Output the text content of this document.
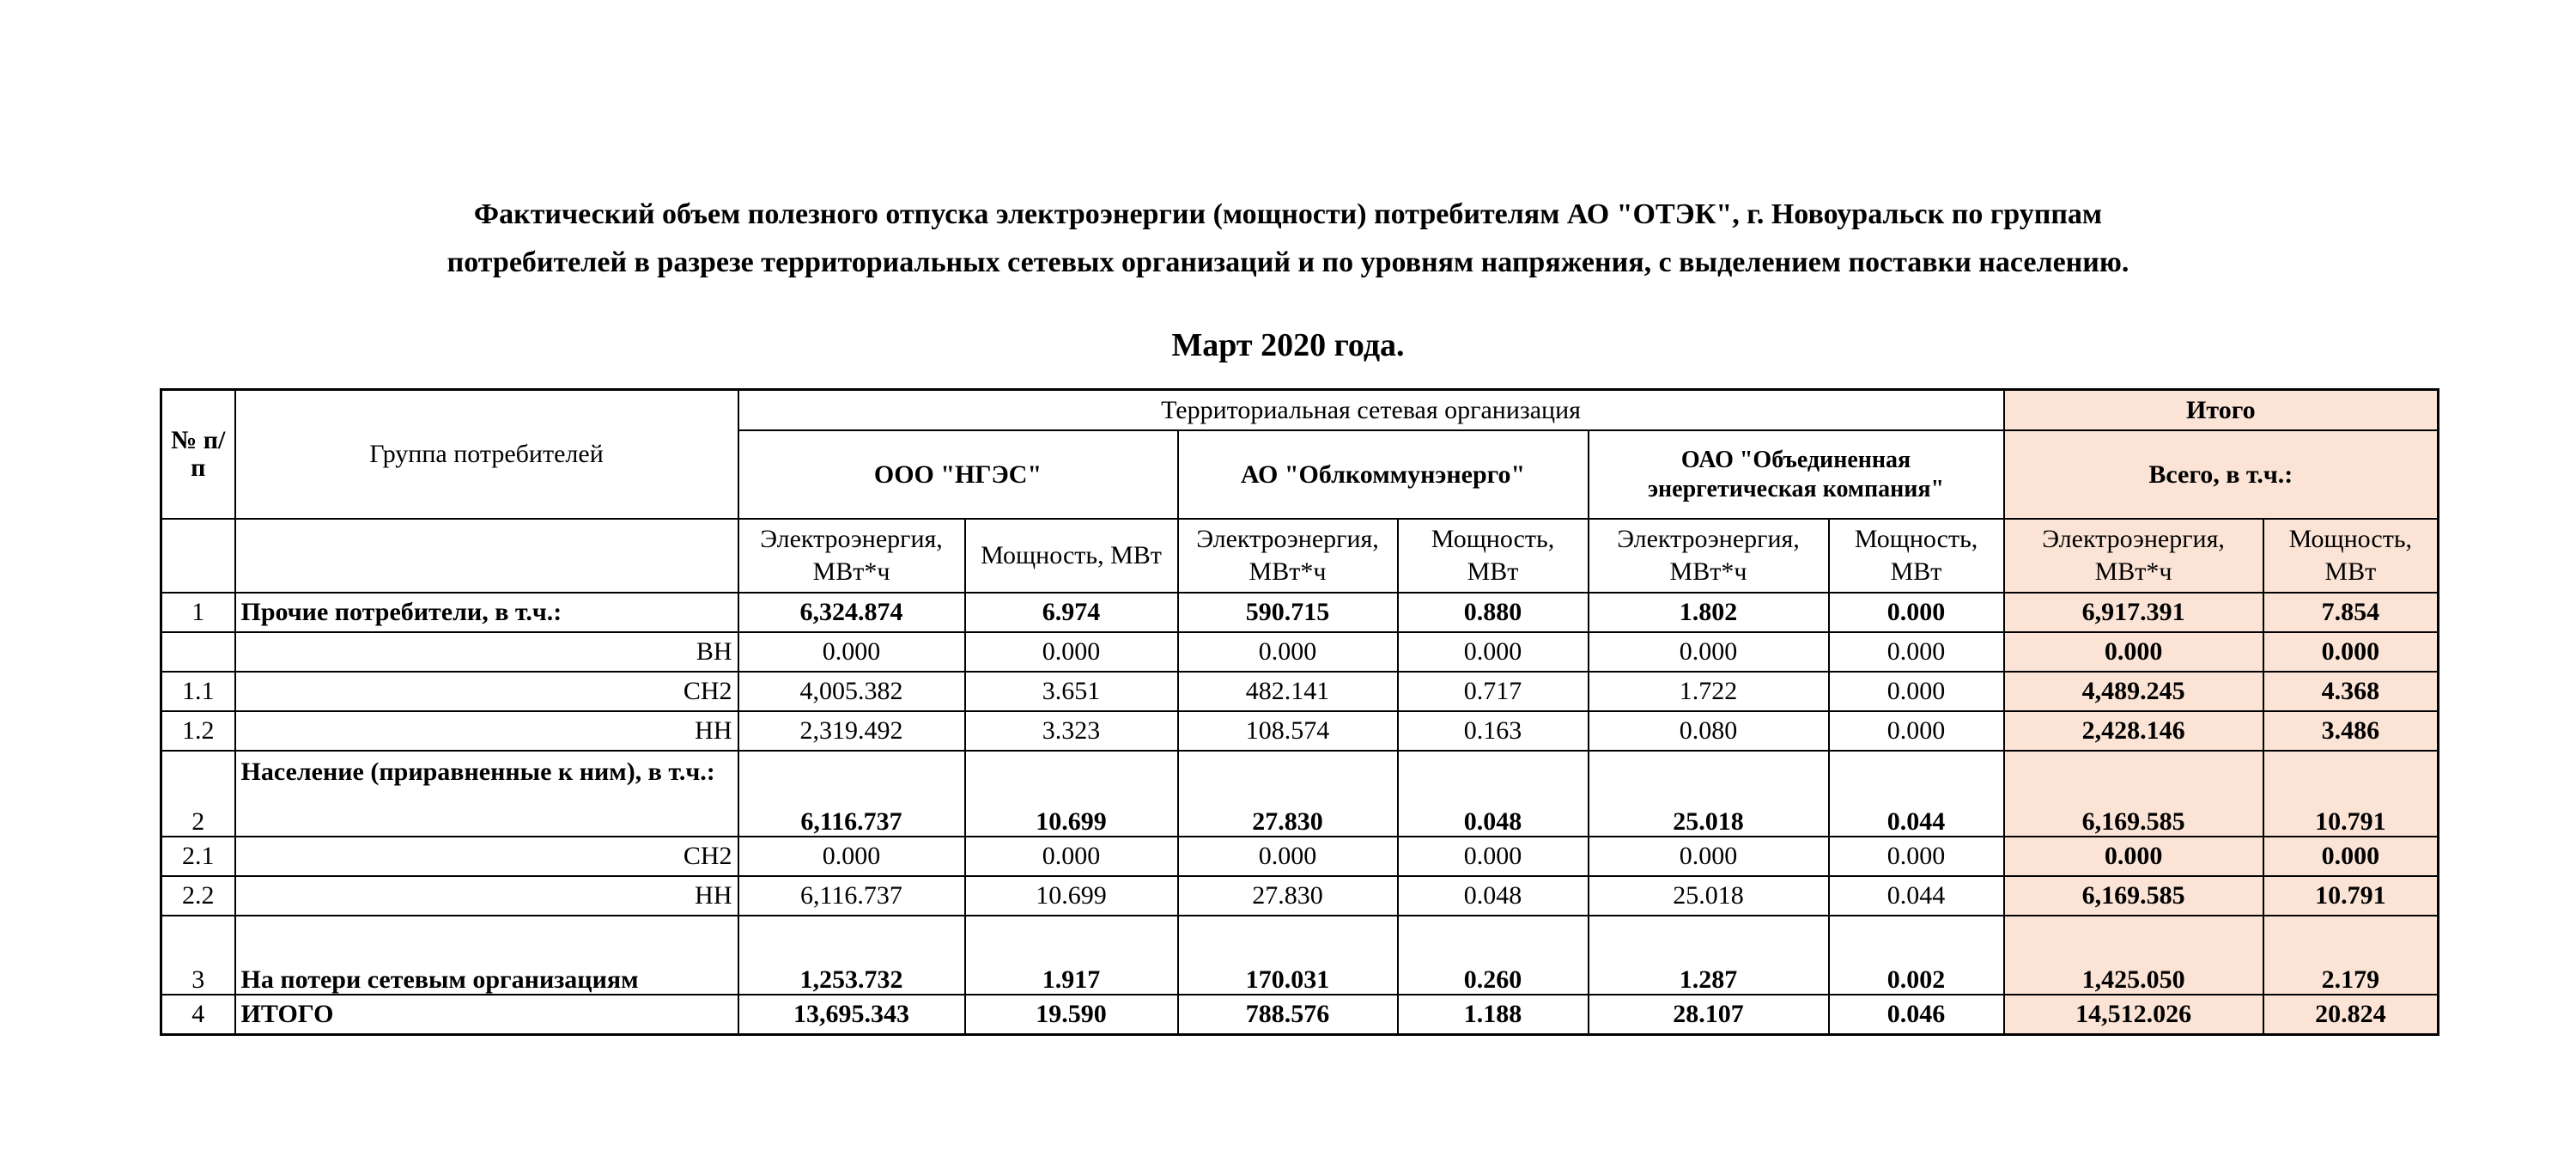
Фактический объем полезного отпуска электроэнергии (мощности) потребителям АО "ОТЭК", г. Новоуральск по группам
потребителей в разрезе территориальных сетевых организаций и по уровням напряжения, с выделением поставки населению.
Март 2020 года.
№ п/п	Группа потребителей	Территориальная сетевая организация						Итого	
		ООО "НГЭС"		АО "Облкоммунэнерго"		ОАО "Объединенная энергетическая компания"		Всего, в т.ч.:	
		Электроэнергия, МВт*ч	Мощность, МВт	Электроэнергия, МВт*ч	Мощность, МВт	Электроэнергия, МВт*ч	Мощность, МВт	Электроэнергия, МВт*ч	Мощность, МВт
1	Прочие потребители, в т.ч.:	6,324.874	6.974	590.715	0.880	1.802	0.000	6,917.391	7.854
	ВН	0.000	0.000	0.000	0.000	0.000	0.000	0.000	0.000
1.1	СН2	4,005.382	3.651	482.141	0.717	1.722	0.000	4,489.245	4.368
1.2	НН	2,319.492	3.323	108.574	0.163	0.080	0.000	2,428.146	3.486
2	Население (приравненные к ним), в т.ч.:	6,116.737	10.699	27.830	0.048	25.018	0.044	6,169.585	10.791
2.1	СН2	0.000	0.000	0.000	0.000	0.000	0.000	0.000	0.000
2.2	НН	6,116.737	10.699	27.830	0.048	25.018	0.044	6,169.585	10.791
3	На потери сетевым организациям	1,253.732	1.917	170.031	0.260	1.287	0.002	1,425.050	2.179
4	ИТОГО	13,695.343	19.590	788.576	1.188	28.107	0.046	14,512.026	20.824
